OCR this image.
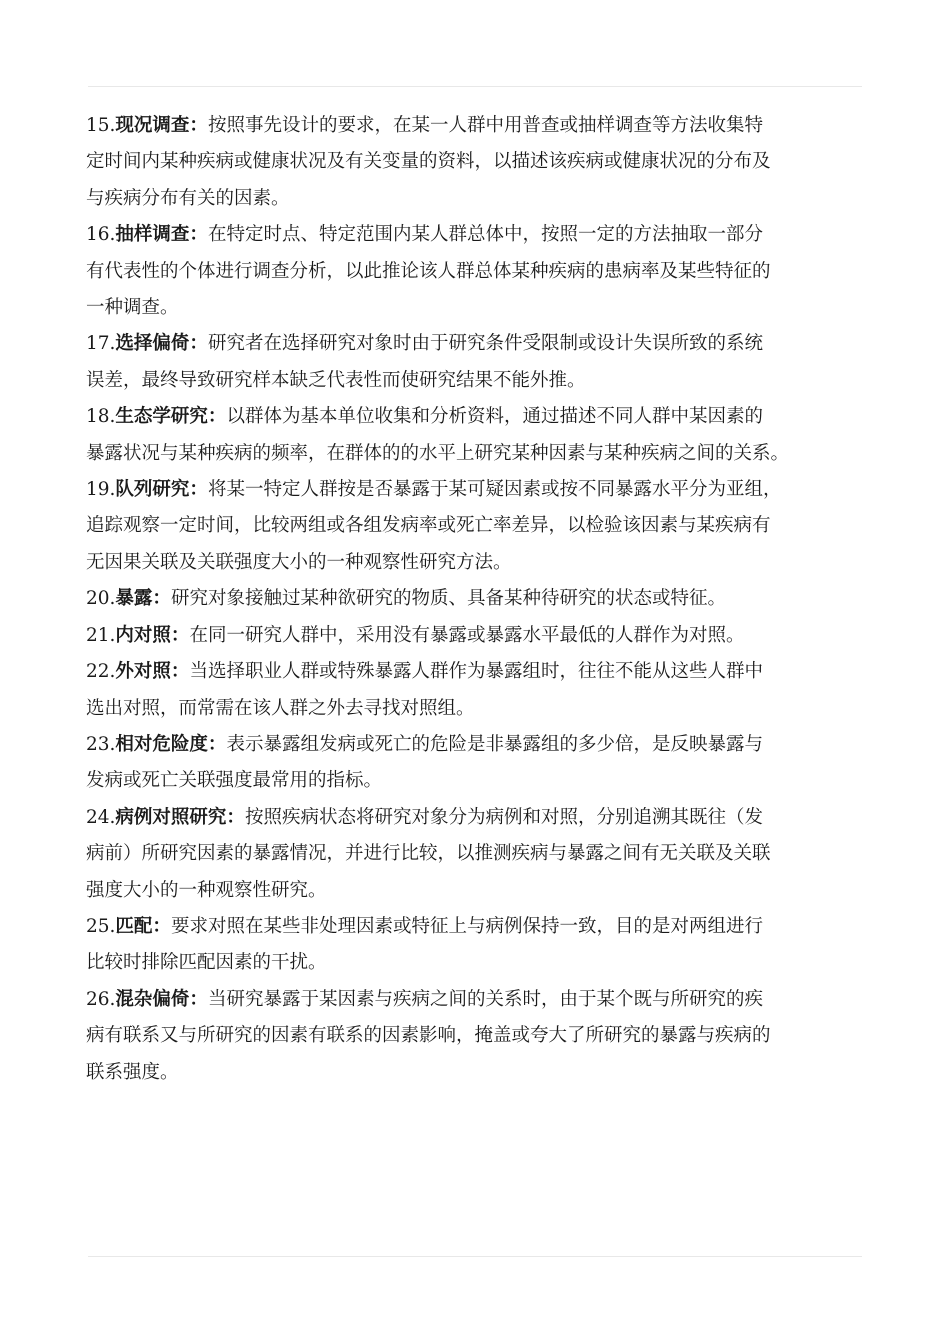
15.现况调查：按照事先设计的要求，在某一人群中用普查或抽样调查等方法收集特
定时间内某种疾病或健康状况及有关变量的资料，以描述该疾病或健康状况的分布及
与疾病分布有关的因素。
16.抽样调查：在特定时点、特定范围内某人群总体中，按照一定的方法抽取一部分
有代表性的个体进行调查分析，以此推论该人群总体某种疾病的患病率及某些特征的
一种调查。
17.选择偏倚：研究者在选择研究对象时由于研究条件受限制或设计失误所致的系统
误差，最终导致研究样本缺乏代表性而使研究结果不能外推。
18.生态学研究：以群体为基本单位收集和分析资料，通过描述不同人群中某因素的
暴露状况与某种疾病的频率，在群体的的水平上研究某种因素与某种疾病之间的关系。
19.队列研究：将某一特定人群按是否暴露于某可疑因素或按不同暴露水平分为亚组，
追踪观察一定时间，比较两组或各组发病率或死亡率差异，以检验该因素与某疾病有
无因果关联及关联强度大小的一种观察性研究方法。
20.暴露：研究对象接触过某种欲研究的物质、具备某种待研究的状态或特征。
21.内对照：在同一研究人群中，采用没有暴露或暴露水平最低的人群作为对照。
22.外对照：当选择职业人群或特殊暴露人群作为暴露组时，往往不能从这些人群中
选出对照，而常需在该人群之外去寻找对照组。
23.相对危险度：表示暴露组发病或死亡的危险是非暴露组的多少倍，是反映暴露与
发病或死亡关联强度最常用的指标。
24.病例对照研究：按照疾病状态将研究对象分为病例和对照，分别追溯其既往（发
病前）所研究因素的暴露情况，并进行比较，以推测疾病与暴露之间有无关联及关联
强度大小的一种观察性研究。
25.匹配：要求对照在某些非处理因素或特征上与病例保持一致，目的是对两组进行
比较时排除匹配因素的干扰。
26.混杂偏倚：当研究暴露于某因素与疾病之间的关系时，由于某个既与所研究的疾
病有联系又与所研究的因素有联系的因素影响，掩盖或夸大了所研究的暴露与疾病的
联系强度。
